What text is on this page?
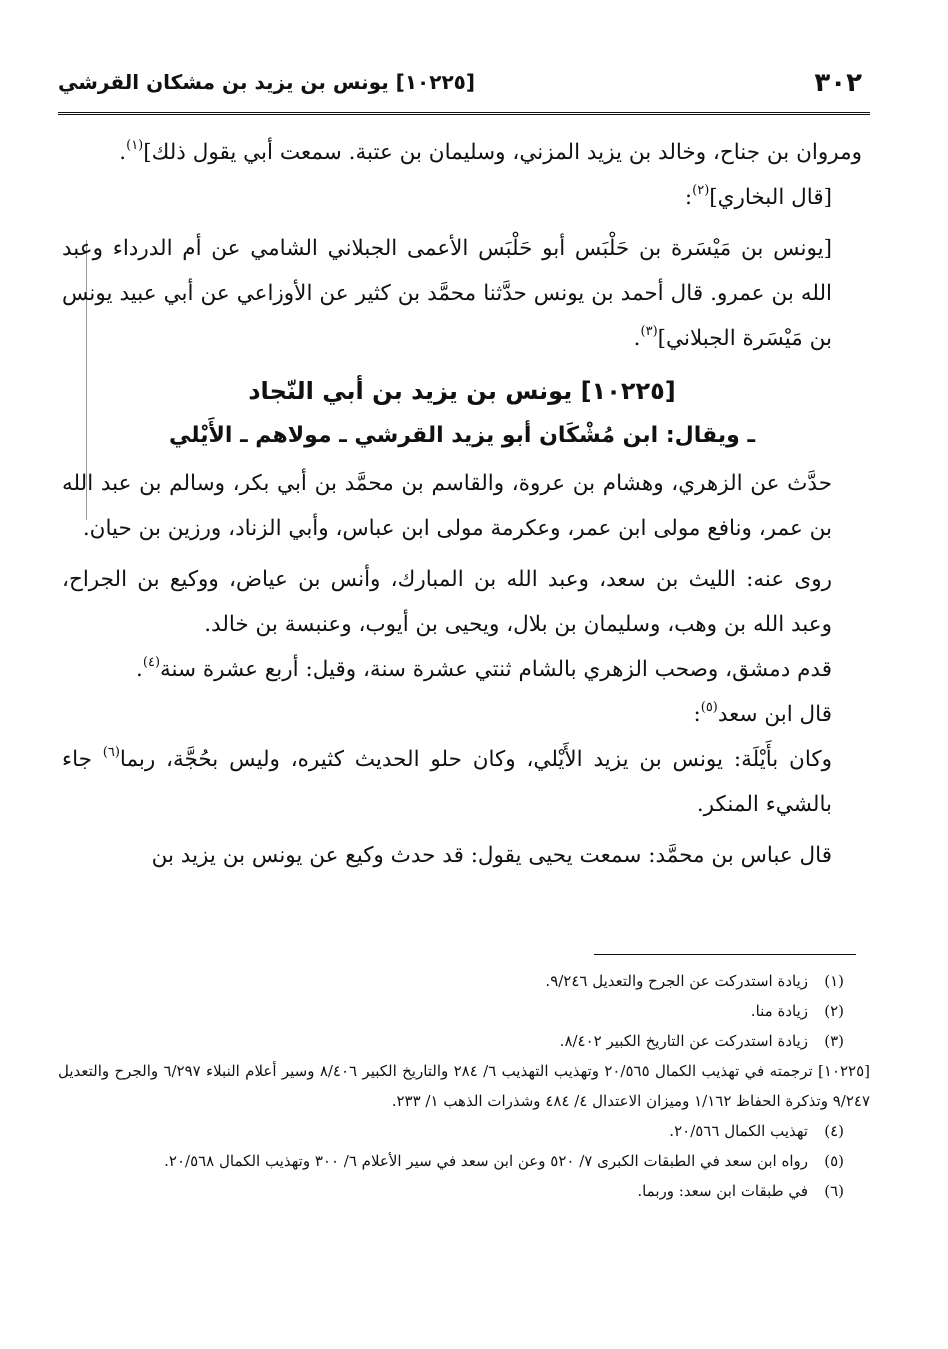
٣٠٢
[١٠٢٢٥] يونس بن يزيد بن مشكان القرشي

ومروان بن جناح، وخالد بن يزيد المزني، وسليمان بن عتبة. سمعت أبي يقول ذلك]$^{(١)}$.

[قال البخاري]$^{(٢)}$:

[يونس بن مَيْسَرة بن حَلْبَس أبو حَلْبَس الأعمى الجبلاني الشامي عن أم الدرداء وعبد الله بن عمرو. قال أحمد بن يونس حدَّثنا محمَّد بن كثير عن الأوزاعي عن أبي عبيد يونس بن مَيْسَرة الجبلاني]$^{(٣)}$.

[١٠٢٢٥] يونس بن يزيد بن أبي النّجاد

ـ ويقال: ابن مُشْكَان أبو يزيد القرشي ـ مولاهم ـ الأَيْلي

حدَّث عن الزهري، وهشام بن عروة، والقاسم بن محمَّد بن أبي بكر، وسالم بن عبد الله بن عمر، ونافع مولى ابن عمر، وعكرمة مولى ابن عباس، وأبي الزناد، ورزين بن حيان.

روى عنه: الليث بن سعد، وعبد الله بن المبارك، وأنس بن عياض، ووكيع بن الجراح، وعبد الله بن وهب، وسليمان بن بلال، ويحيى بن أيوب، وعنبسة بن خالد.

قدم دمشق، وصحب الزهري بالشام ثنتي عشرة سنة، وقيل: أربع عشرة سنة$^{(٤)}$.

قال ابن سعد$^{(٥)}$:

وكان بأَيْلَة: يونس بن يزيد الأَيْلي، وكان حلو الحديث كثيره، وليس بحُجَّة، ربما$^{(٦)}$ جاء بالشيء المنكر.

قال عباس بن محمَّد: سمعت يحيى يقول: قد حدث وكيع عن يونس بن يزيد بن

(١)زيادة استدركت عن الجرح والتعديل ٩/٢٤٦.

(٢)زيادة منا.

(٣)زيادة استدركت عن التاريخ الكبير ٨/٤٠٢.

[١٠٢٢٥] ترجمته في تهذيب الكمال ٢٠/٥٦٥ وتهذيب التهذيب ٦/ ٢٨٤ والتاريخ الكبير ٨/٤٠٦ وسير أعلام النبلاء ٦/٢٩٧ والجرح والتعديل ٩/٢٤٧ وتذكرة الحفاظ ١/١٦٢ وميزان الاعتدال ٤/ ٤٨٤ وشذرات الذهب ١/ ٢٣٣.

(٤)تهذيب الكمال ٢٠/٥٦٦.

(٥)رواه ابن سعد في الطبقات الكبرى ٧/ ٥٢٠ وعن ابن سعد في سير الأعلام ٦/ ٣٠٠ وتهذيب الكمال ٢٠/٥٦٨.

(٦)في طبقات ابن سعد: وربما.
